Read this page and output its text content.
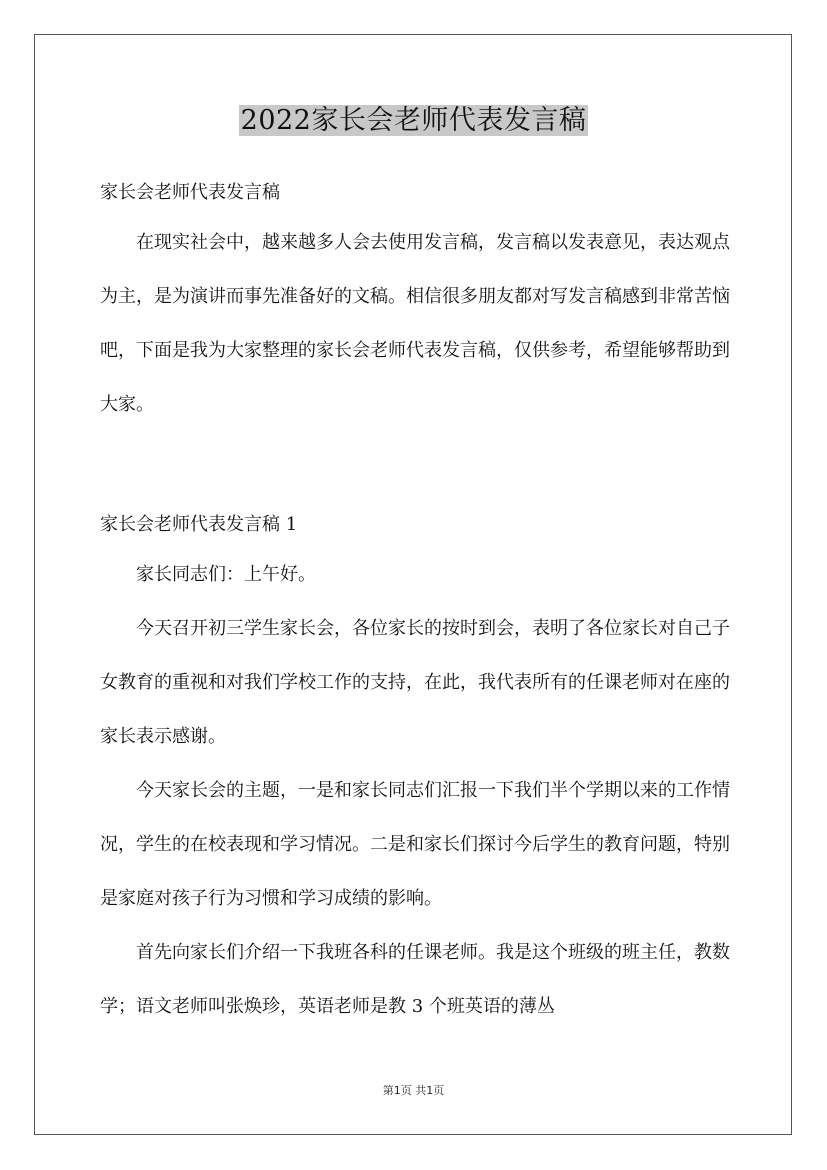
2022家长会老师代表发言稿

家长会老师代表发言稿

在现实社会中，越来越多人会去使用发言稿，发言稿以发表意见，表达观点为主，是为演讲而事先准备好的文稿。相信很多朋友都对写发言稿感到非常苦恼吧，下面是我为大家整理的家长会老师代表发言稿，仅供参考，希望能够帮助到大家。

家长会老师代表发言稿 1

家长同志们：上午好。

今天召开初三学生家长会，各位家长的按时到会，表明了各位家长对自己子女教育的重视和对我们学校工作的支持，在此，我代表所有的任课老师对在座的家长表示感谢。

今天家长会的主题，一是和家长同志们汇报一下我们半个学期以来的工作情况，学生的在校表现和学习情况。二是和家长们探讨今后学生的教育问题，特别是家庭对孩子行为习惯和学习成绩的影响。

首先向家长们介绍一下我班各科的任课老师。我是这个班级的班主任，教数学；语文老师叫张焕珍，英语老师是教 3 个班英语的薄丛

第1页 共1页
